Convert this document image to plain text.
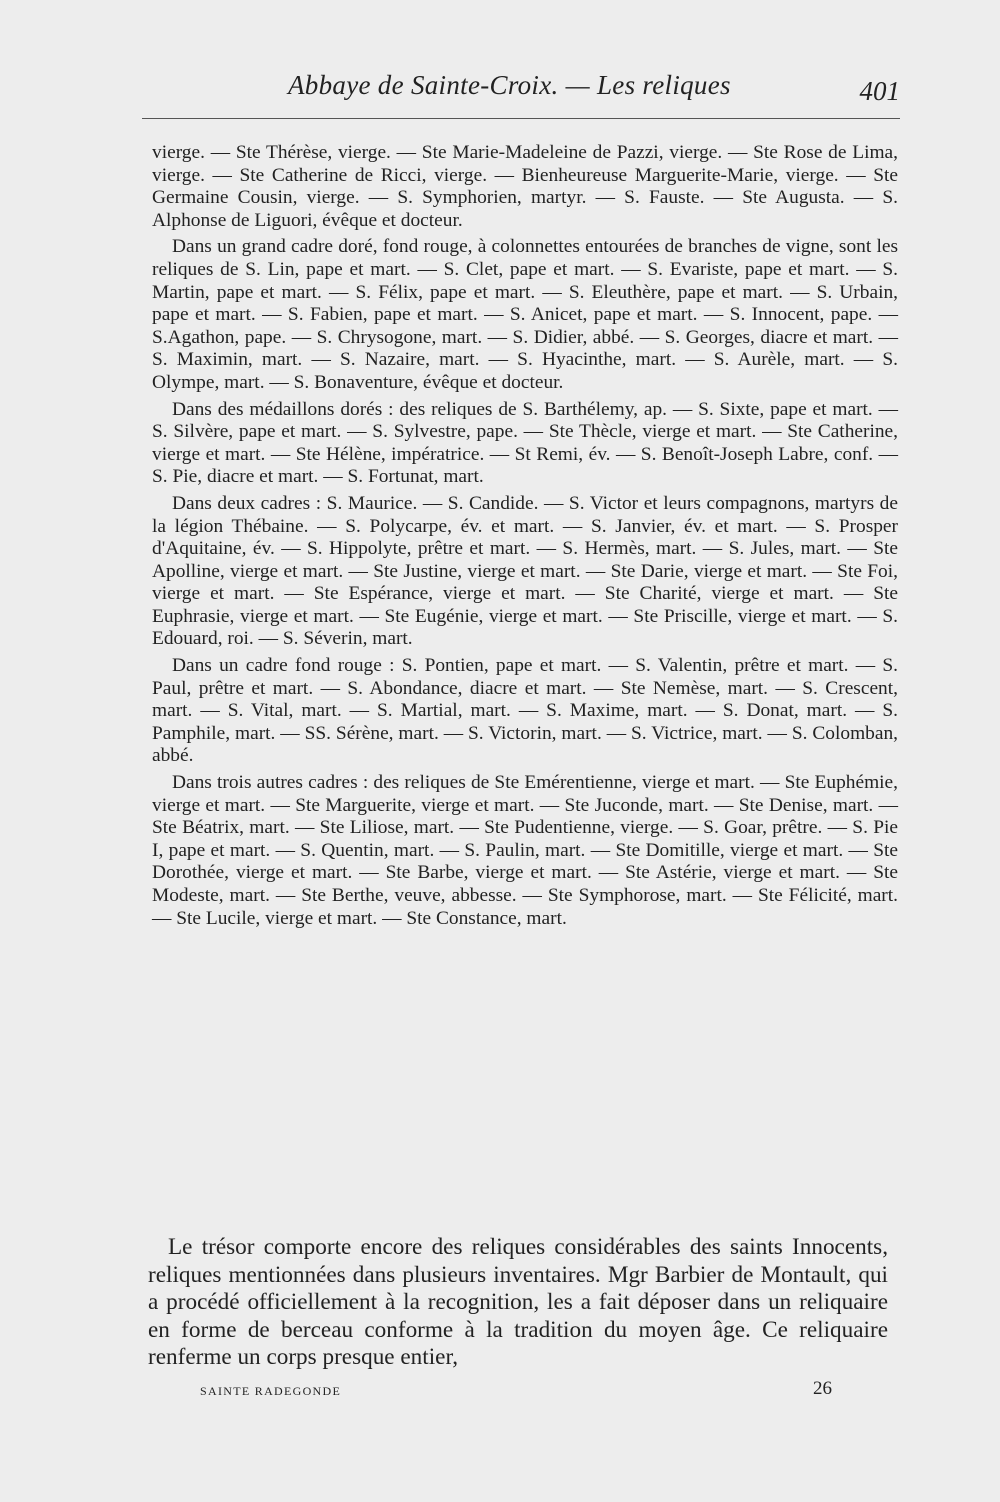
Abbaye de Sainte-Croix. — Les reliques	401

vierge. — Ste Thérèse, vierge. — Ste Marie-Madeleine de Pazzi, vierge. — Ste Rose de Lima, vierge. — Ste Catherine de Ricci, vierge. — Bienheureuse Marguerite-Marie, vierge. — Ste Germaine Cousin, vierge. — S. Symphorien, martyr. — S. Fauste. — Ste Augusta. — S. Alphonse de Liguori, évêque et docteur.

Dans un grand cadre doré, fond rouge, à colonnettes entourées de branches de vigne, sont les reliques de S. Lin, pape et mart. — S. Clet, pape et mart. — S. Evariste, pape et mart. — S. Martin, pape et mart. — S. Félix, pape et mart. — S. Eleuthère, pape et mart. — S. Urbain, pape et mart. — S. Fabien, pape et mart. — S. Anicet, pape et mart. — S. Innocent, pape. — S.Agathon, pape. — S. Chrysogone, mart. — S. Didier, abbé. — S. Georges, diacre et mart. — S. Maximin, mart. — S. Nazaire, mart. — S. Hyacinthe, mart. — S. Aurèle, mart. — S. Olympe, mart. — S. Bonaventure, évêque et docteur.

Dans des médaillons dorés : des reliques de S. Barthélemy, ap. — S. Sixte, pape et mart. — S. Silvère, pape et mart. — S. Sylvestre, pape. — Ste Thècle, vierge et mart. — Ste Catherine, vierge et mart. — Ste Hélène, impératrice. — St Remi, év. — S. Benoît-Joseph Labre, conf. — S. Pie, diacre et mart. — S. Fortunat, mart.

Dans deux cadres : S. Maurice. — S. Candide. — S. Victor et leurs compagnons, martyrs de la légion Thébaine. — S. Polycarpe, év. et mart. — S. Janvier, év. et mart. — S. Prosper d'Aquitaine, év. — S. Hippolyte, prêtre et mart. — S. Hermès, mart. — S. Jules, mart. — Ste Apolline, vierge et mart. — Ste Justine, vierge et mart. — Ste Darie, vierge et mart. — Ste Foi, vierge et mart. — Ste Espérance, vierge et mart. — Ste Charité, vierge et mart. — Ste Euphrasie, vierge et mart. — Ste Eugénie, vierge et mart. — Ste Priscille, vierge et mart. — S. Edouard, roi. — S. Séverin, mart.

Dans un cadre fond rouge : S. Pontien, pape et mart. — S. Valentin, prêtre et mart. — S. Paul, prêtre et mart. — S. Abondance, diacre et mart. — Ste Nemèse, mart. — S. Crescent, mart. — S. Vital, mart. — S. Martial, mart. — S. Maxime, mart. — S. Donat, mart. — S. Pamphile, mart. — SS. Sérène, mart. — S. Victorin, mart. — S. Victrice, mart. — S. Colomban, abbé.

Dans trois autres cadres : des reliques de Ste Emérentienne, vierge et mart. — Ste Euphémie, vierge et mart. — Ste Marguerite, vierge et mart. — Ste Juconde, mart. — Ste Denise, mart. — Ste Béatrix, mart. — Ste Liliose, mart. — Ste Pudentienne, vierge. — S. Goar, prêtre. — S. Pie I, pape et mart. — S. Quentin, mart. — S. Paulin, mart. — Ste Domitille, vierge et mart. — Ste Dorothée, vierge et mart. — Ste Barbe, vierge et mart. — Ste Astérie, vierge et mart. — Ste Modeste, mart. — Ste Berthe, veuve, abbesse. — Ste Symphorose, mart. — Ste Félicité, mart. — Ste Lucile, vierge et mart. — Ste Constance, mart.

Le trésor comporte encore des reliques considérables des saints Innocents, reliques mentionnées dans plusieurs inventaires. Mgr Barbier de Montault, qui a procédé officiellement à la recognition, les a fait déposer dans un reliquaire en forme de berceau conforme à la tradition du moyen âge. Ce reliquaire renferme un corps presque entier,

SAINTE RADEGONDE	26
